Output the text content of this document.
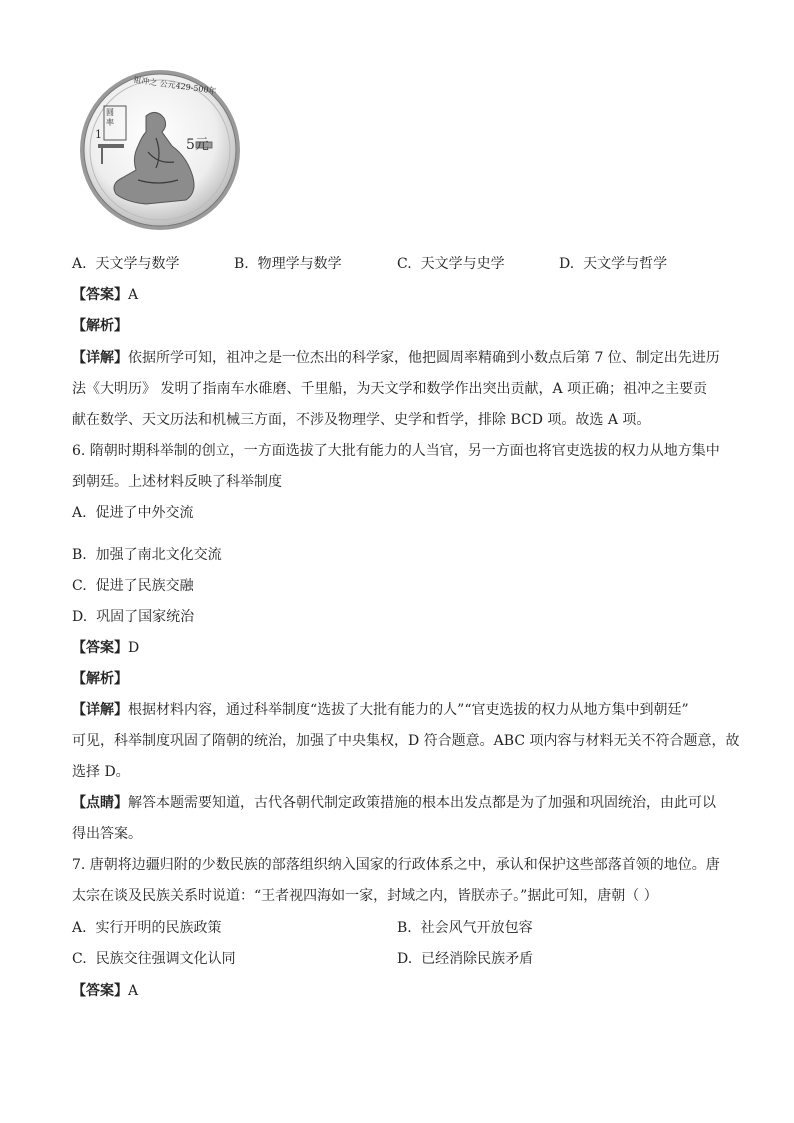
祖冲之 公元429-500年
圆率
1
5元
A. 天文学与数学	B. 物理学与数学	C. 天文学与史学	D. 天文学与哲学
【答案】A
【解析】
【详解】依据所学可知，祖冲之是一位杰出的科学家，他把圆周率精确到小数点后第 7 位、制定出先进历
法《大明历》 发明了指南车水碓磨、千里船，为天文学和数学作出突出贡献，A 项正确；祖冲之主要贡
献在数学、天文历法和机械三方面，不涉及物理学、史学和哲学，排除 BCD 项。故选 A 项。
6. 隋朝时期科举制的创立，一方面选拔了大批有能力的人当官，另一方面也将官吏选拔的权力从地方集中
到朝廷。上述材料反映了科举制度
A. 促进了中外交流
B. 加强了南北文化交流
C. 促进了民族交融
D. 巩固了国家统治
【答案】D
【解析】
【详解】根据材料内容，通过科举制度“选拔了大批有能力的人”“官吏选拔的权力从地方集中到朝廷”
可见，科举制度巩固了隋朝的统治，加强了中央集权，D 符合题意。ABC 项内容与材料无关不符合题意，故
选择 D。
【点睛】解答本题需要知道，古代各朝代制定政策措施的根本出发点都是为了加强和巩固统治，由此可以
得出答案。
7. 唐朝将边疆归附的少数民族的部落组织纳入国家的行政体系之中，承认和保护这些部落首领的地位。唐
太宗在谈及民族关系时说道：“王者视四海如一家，封域之内，皆朕赤子。”据此可知，唐朝（ ）
A. 实行开明的民族政策	B. 社会风气开放包容
C. 民族交往强调文化认同	D. 已经消除民族矛盾
【答案】A
